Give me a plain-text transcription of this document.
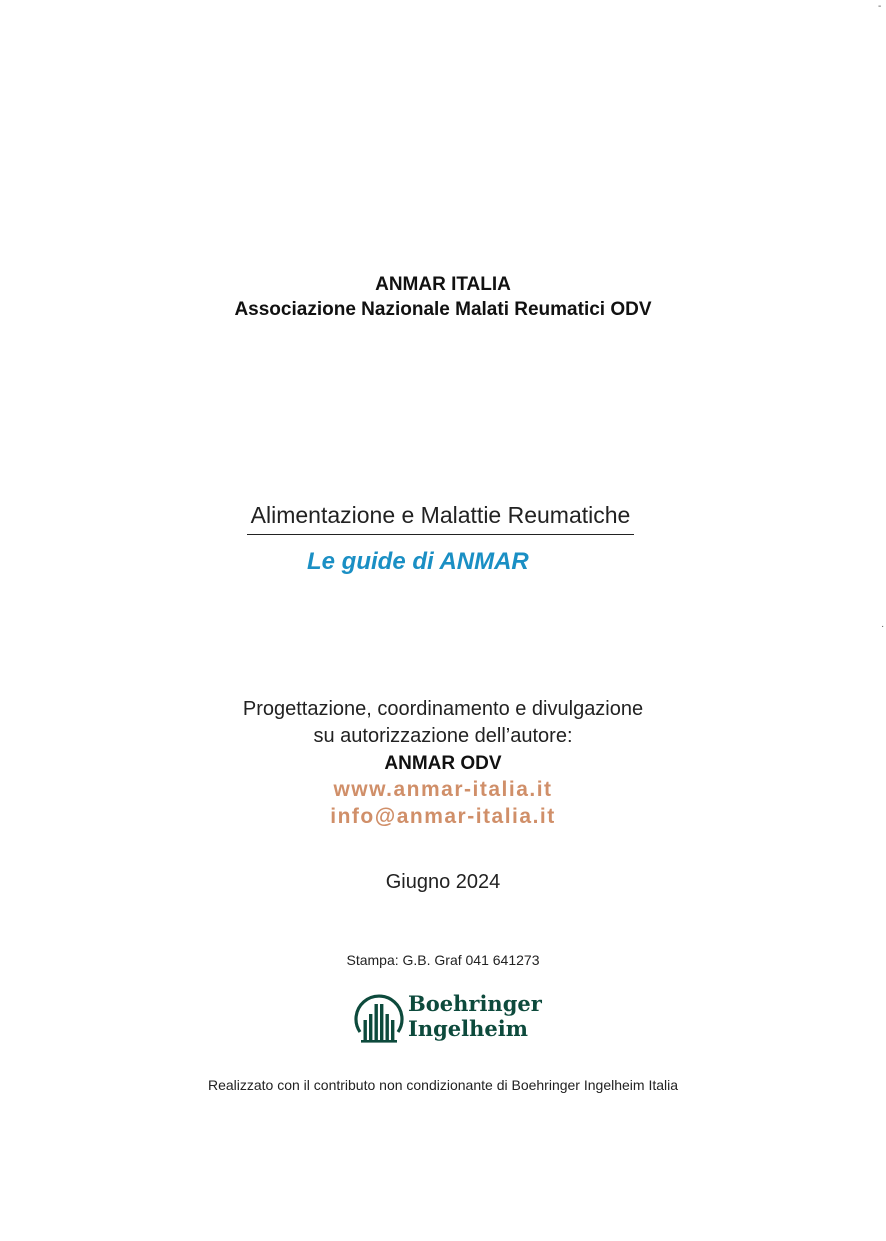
-
·
ANMAR ITALIA
Associazione Nazionale Malati Reumatici ODV
Alimentazione e Malattie Reumatiche
Le guide di ANMAR
Progettazione, coordinamento e divulgazione
su autorizzazione dell’autore:
ANMAR ODV
www.anmar-italia.it
info@anmar-italia.it
Giugno 2024
Stampa: G.B. Graf 041 641273
Boehringer
Ingelheim
Realizzato con il contributo non condizionante di Boehringer Ingelheim Italia
